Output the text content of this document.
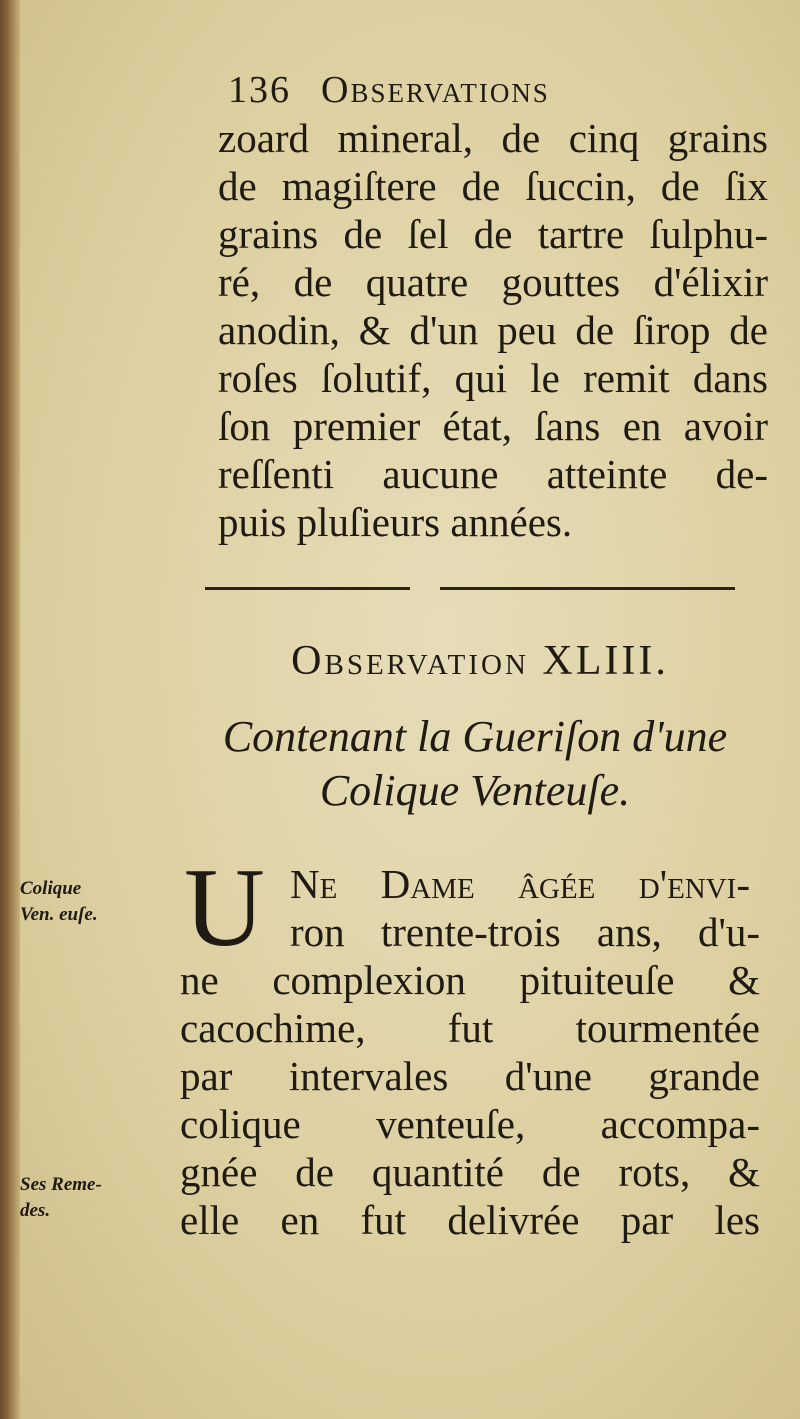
136 Observations
zoard mineral, de cinq grains
de magiſtere de ſuccin, de ſix
grains de ſel de tartre ſulphu-
ré, de quatre gouttes d'élixir
anodin, & d'un peu de ſirop de
roſes ſolutif, qui le remit dans
ſon premier état, ſans en avoir
reſſenti aucune atteinte de-
puis pluſieurs années.
Observation XLIII.
Contenant la Gueriſon d'une
Colique Venteuſe.
Colique
Ven. euſe.
Ses Reme-
des.
U Ne Dame âgée d'envi-
ron trente-trois ans, d'u-
ne complexion pituiteuſe &
cacochime, fut tourmentée
par intervales d'une grande
colique venteuſe, accompa-
gnée de quantité de rots, &
elle en fut delivrée par les
